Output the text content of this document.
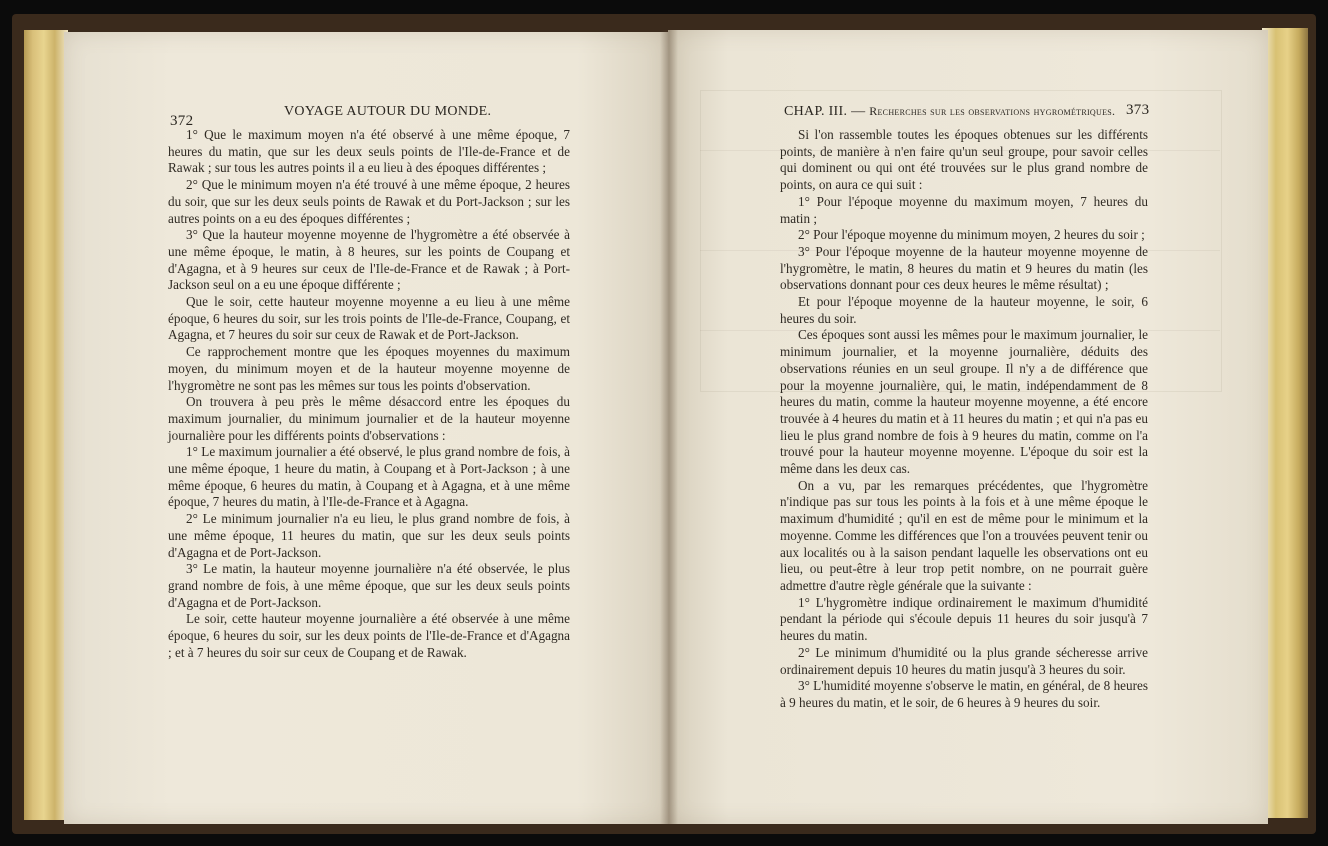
372
VOYAGE AUTOUR DU MONDE.

1° Que le maximum moyen n'a été observé à une même époque, 7 heures du matin, que sur les deux seuls points de l'Ile-de-France et de Rawak ; sur tous les autres points il a eu lieu à des époques différentes ;

2° Que le minimum moyen n'a été trouvé à une même époque, 2 heures du soir, que sur les deux seuls points de Rawak et du Port-Jackson ; sur les autres points on a eu des époques différentes ;

3° Que la hauteur moyenne moyenne de l'hygromètre a été observée à une même époque, le matin, à 8 heures, sur les points de Coupang et d'Agagna, et à 9 heures sur ceux de l'Ile-de-France et de Rawak ; à Port-Jackson seul on a eu une époque différente ;

Que le soir, cette hauteur moyenne moyenne a eu lieu à une même époque, 6 heures du soir, sur les trois points de l'Ile-de-France, Coupang, et Agagna, et 7 heures du soir sur ceux de Rawak et de Port-Jackson.

Ce rapprochement montre que les époques moyennes du maximum moyen, du minimum moyen et de la hauteur moyenne moyenne de l'hygromètre ne sont pas les mêmes sur tous les points d'observation.

On trouvera à peu près le même désaccord entre les époques du maximum journalier, du minimum journalier et de la hauteur moyenne journalière pour les différents points d'observations :

1° Le maximum journalier a été observé, le plus grand nombre de fois, à une même époque, 1 heure du matin, à Coupang et à Port-Jackson ; à une même époque, 6 heures du matin, à Coupang et à Agagna, et à une même époque, 7 heures du matin, à l'Ile-de-France et à Agagna.

2° Le minimum journalier n'a eu lieu, le plus grand nombre de fois, à une même époque, 11 heures du matin, que sur les deux seuls points d'Agagna et de Port-Jackson.

3° Le matin, la hauteur moyenne journalière n'a été observée, le plus grand nombre de fois, à une même époque, que sur les deux seuls points d'Agagna et de Port-Jackson.

Le soir, cette hauteur moyenne journalière a été observée à une même époque, 6 heures du soir, sur les deux points de l'Ile-de-France et d'Agagna ; et à 7 heures du soir sur ceux de Coupang et de Rawak.

CHAP. III. — Recherches sur les observations hygrométriques. 373

Si l'on rassemble toutes les époques obtenues sur les différents points, de manière à n'en faire qu'un seul groupe, pour savoir celles qui dominent ou qui ont été trouvées sur le plus grand nombre de points, on aura ce qui suit :

1° Pour l'époque moyenne du maximum moyen, 7 heures du matin ;

2° Pour l'époque moyenne du minimum moyen, 2 heures du soir ;

3° Pour l'époque moyenne de la hauteur moyenne moyenne de l'hygromètre, le matin, 8 heures du matin et 9 heures du matin (les observations donnant pour ces deux heures le même résultat) ;

Et pour l'époque moyenne de la hauteur moyenne, le soir, 6 heures du soir.

Ces époques sont aussi les mêmes pour le maximum journalier, le minimum journalier, et la moyenne journalière, déduits des observations réunies en un seul groupe. Il n'y a de différence que pour la moyenne journalière, qui, le matin, indépendamment de 8 heures du matin, comme la hauteur moyenne moyenne, a été encore trouvée à 4 heures du matin et à 11 heures du matin ; et qui n'a pas eu lieu le plus grand nombre de fois à 9 heures du matin, comme on l'a trouvé pour la hauteur moyenne moyenne. L'époque du soir est la même dans les deux cas.

On a vu, par les remarques précédentes, que l'hygromètre n'indique pas sur tous les points à la fois et à une même époque le maximum d'humidité ; qu'il en est de même pour le minimum et la moyenne. Comme les différences que l'on a trouvées peuvent tenir ou aux localités ou à la saison pendant laquelle les observations ont eu lieu, ou peut-être à leur trop petit nombre, on ne pourrait guère admettre d'autre règle générale que la suivante :

1° L'hygromètre indique ordinairement le maximum d'humidité pendant la période qui s'écoule depuis 11 heures du soir jusqu'à 7 heures du matin.

2° Le minimum d'humidité ou la plus grande sécheresse arrive ordinairement depuis 10 heures du matin jusqu'à 3 heures du soir.

3° L'humidité moyenne s'observe le matin, en général, de 8 heures à 9 heures du matin, et le soir, de 6 heures à 9 heures du soir.
